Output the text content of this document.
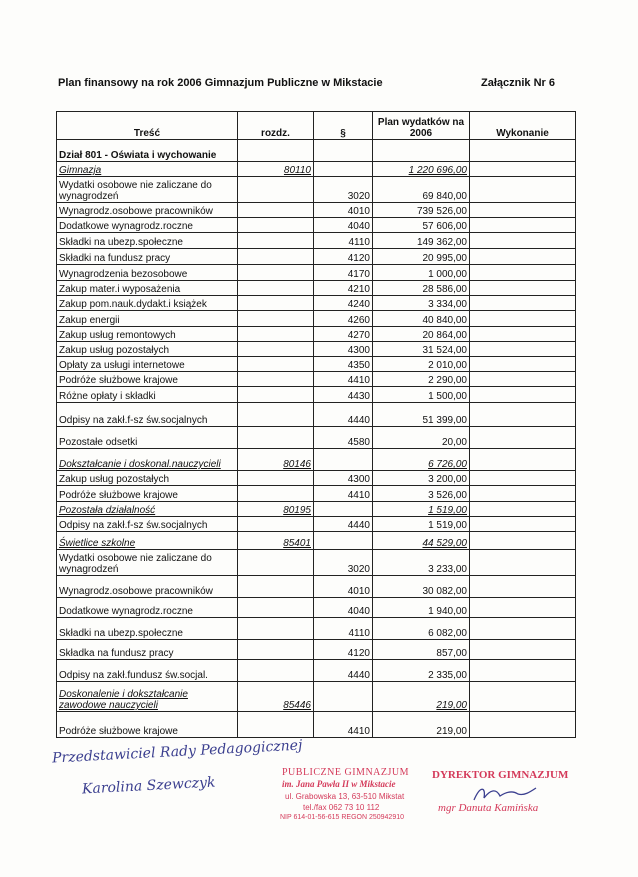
Plan finansowy na rok 2006 Gimnazjum Publiczne w Mikstacie	Załącznik Nr 6
Treść	rozdz.	§	Plan wydatków na 2006	Wykonanie
Dział 801 - Oświata i wychowanie				
Gimnazja	80110		1 220 696,00	
Wydatki osobowe nie zaliczane do wynagrodzeń		3020	69 840,00	
Wynagrodz.osobowe pracowników		4010	739 526,00	
Dodatkowe wynagrodz.roczne		4040	57 606,00	
Składki na ubezp.społeczne		4110	149 362,00	
Składki na fundusz pracy		4120	20 995,00	
Wynagrodzenia bezosobowe		4170	1 000,00	
Zakup mater.i wyposażenia		4210	28 586,00	
Zakup pom.nauk.dydakt.i książek		4240	3 334,00	
Zakup energii		4260	40 840,00	
Zakup usług remontowych		4270	20 864,00	
Zakup usług pozostałych		4300	31 524,00	
Opłaty za usługi internetowe		4350	2 010,00	
Podróże służbowe krajowe		4410	2 290,00	
Różne opłaty i składki		4430	1 500,00	
Odpisy na zakł.f-sz św.socjalnych		4440	51 399,00	
Pozostałe odsetki		4580	20,00	
Dokształcanie i doskonal.nauczycieli	80146		6 726,00	
Zakup usług pozostałych		4300	3 200,00	
Podróże służbowe krajowe		4410	3 526,00	
Pozostała działalność	80195		1 519,00	
Odpisy na zakł.f-sz św.socjalnych		4440	1 519,00	
Świetlice szkolne	85401		44 529,00	
Wydatki osobowe nie zaliczane do wynagrodzeń		3020	3 233,00	
Wynagrodz.osobowe pracowników		4010	30 082,00	
Dodatkowe wynagrodz.roczne		4040	1 940,00	
Składki na ubezp.społeczne		4110	6 082,00	
Składka na fundusz pracy		4120	857,00	
Odpisy na zakł.fundusz św.socjal.		4440	2 335,00	
Doskonalenie i dokształcanie zawodowe nauczycieli	85446		219,00	
Podróże służbowe krajowe		4410	219,00	
Przedstawiciel Rady Pedagogicznej
Karolina Szewczyk
PUBLICZNE GIMNAZJUM
im. Jana Pawła II w Mikstacie
ul. Grabowska 13, 63-510 Mikstat
tel./fax 062 73 10 112
NIP 614-01-56-615 REGON 250942910
DYREKTOR GIMNAZJUM
mgr Danuta Kamińska
